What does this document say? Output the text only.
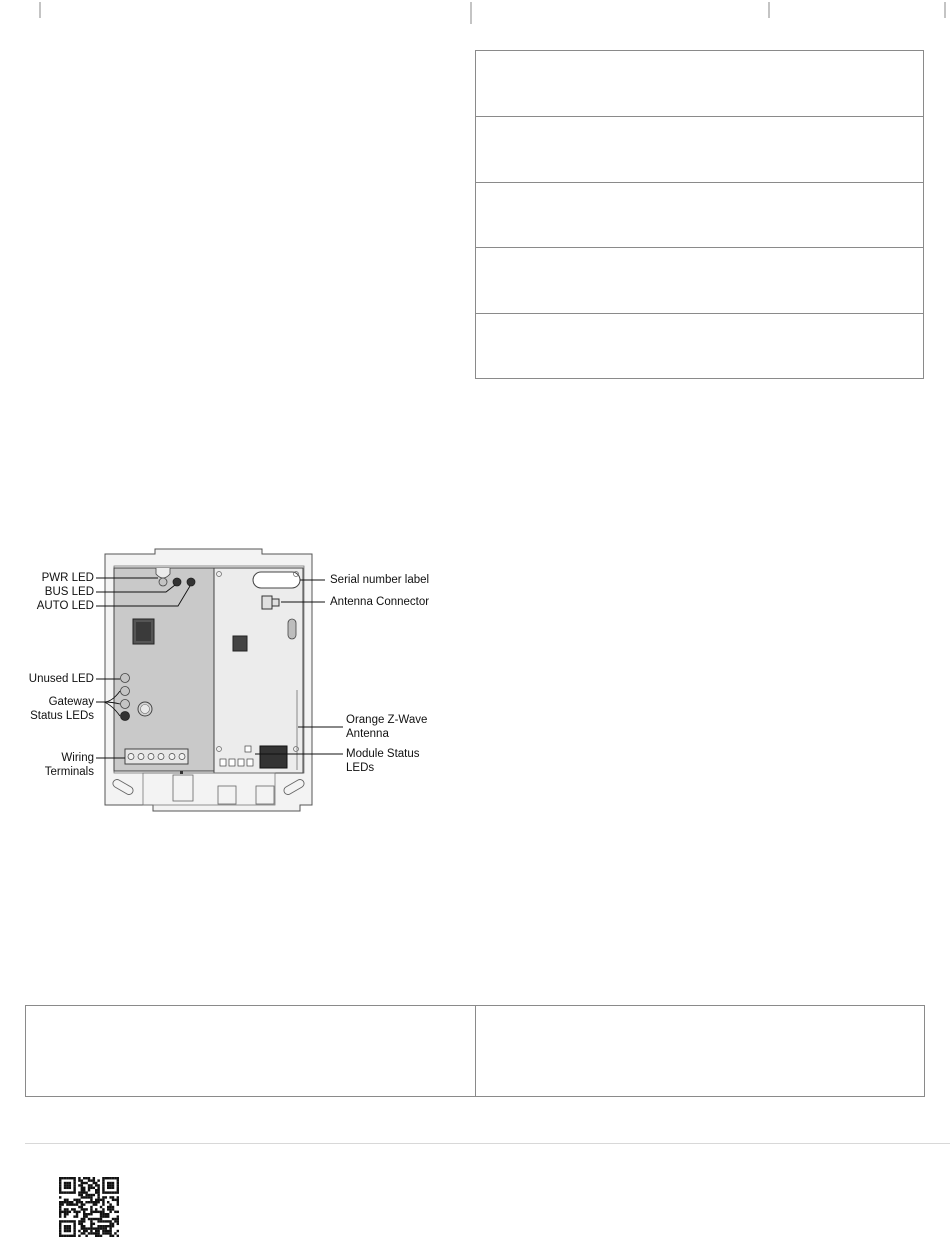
PWR LED
BUS LED
AUTO LED
Unused LED
Gateway
Status LEDs
Wiring
Terminals
Serial number label
Antenna Connector
Orange Z-Wave
Antenna
Module Status
LEDs
